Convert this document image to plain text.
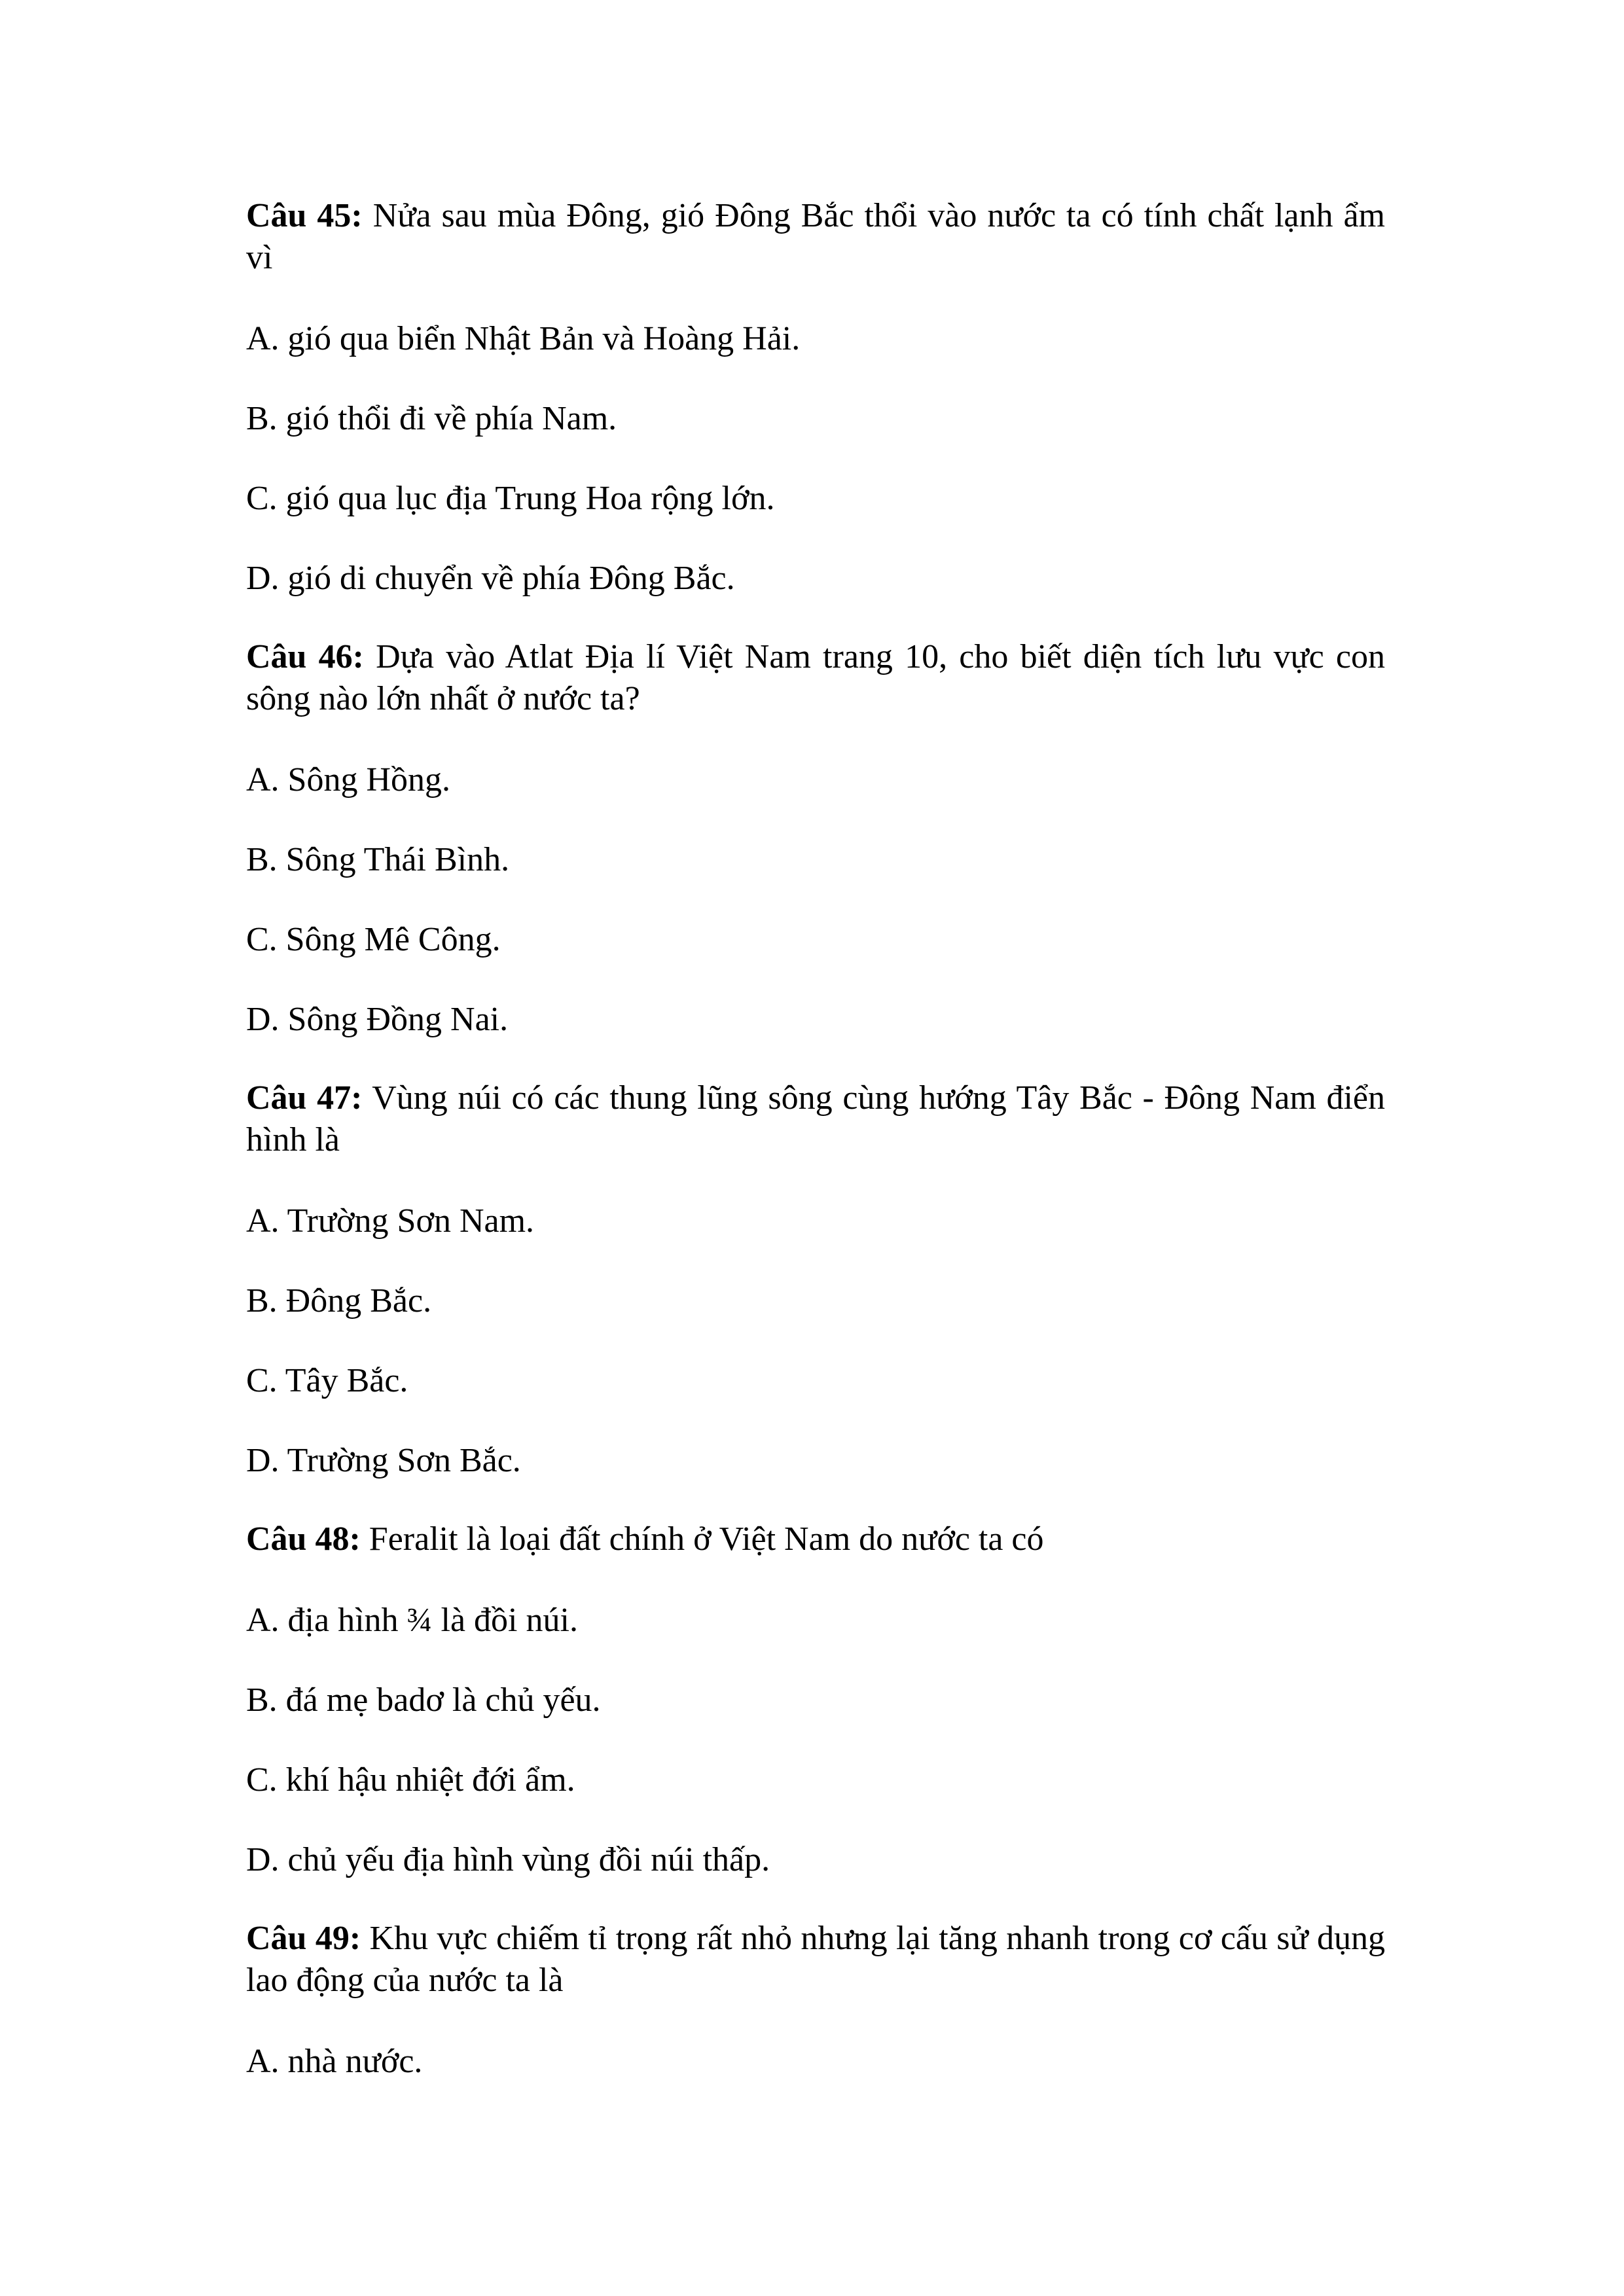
Câu 45: Nửa sau mùa Đông, gió Đông Bắc thổi vào nước ta có tính chất lạnh ẩm vì

A. gió qua biển Nhật Bản và Hoàng Hải.

B. gió thổi đi về phía Nam.

C. gió qua lục địa Trung Hoa rộng lớn.

D. gió di chuyển về phía Đông Bắc.

Câu 46: Dựa vào Atlat Địa lí Việt Nam trang 10, cho biết diện tích lưu vực con sông nào lớn nhất ở nước ta?

A. Sông Hồng.

B. Sông Thái Bình.

C. Sông Mê Công.

D. Sông Đồng Nai.

Câu 47: Vùng núi có các thung lũng sông cùng hướng Tây Bắc - Đông Nam điển hình là

A. Trường Sơn Nam.

B. Đông Bắc.

C. Tây Bắc.

D. Trường Sơn Bắc.

Câu 48: Feralit là loại đất chính ở Việt Nam do nước ta có

A. địa hình ¾ là đồi núi.

B. đá mẹ badơ là chủ yếu.

C. khí hậu nhiệt đới ẩm.

D. chủ yếu địa hình vùng đồi núi thấp.

Câu 49: Khu vực chiếm tỉ trọng rất nhỏ nhưng lại tăng nhanh trong cơ cấu sử dụng lao động của nước ta là

A. nhà nước.
